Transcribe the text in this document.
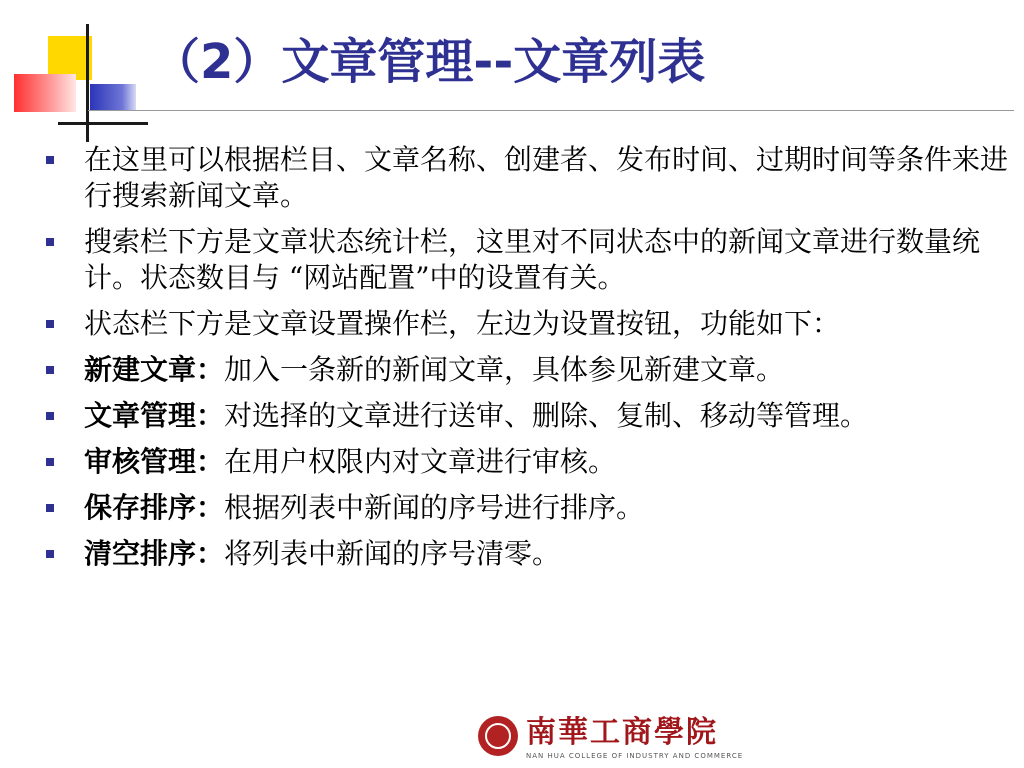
（2）文章管理--文章列表
在这里可以根据栏目、文章名称、创建者、发布时间、过期时间等条件来进行搜索新闻文章。
搜索栏下方是文章状态统计栏，这里对不同状态中的新闻文章进行数量统计。状态数目与 “网站配置”中的设置有关。
状态栏下方是文章设置操作栏，左边为设置按钮，功能如下：
新建文章：加入一条新的新闻文章，具体参见新建文章。
文章管理：对选择的文章进行送审、删除、复制、移动等管理。
审核管理：在用户权限内对文章进行审核。
保存排序：根据列表中新闻的序号进行排序。
清空排序：将列表中新闻的序号清零。
南華工商學院
NAN HUA COLLEGE OF INDUSTRY AND COMMERCE
